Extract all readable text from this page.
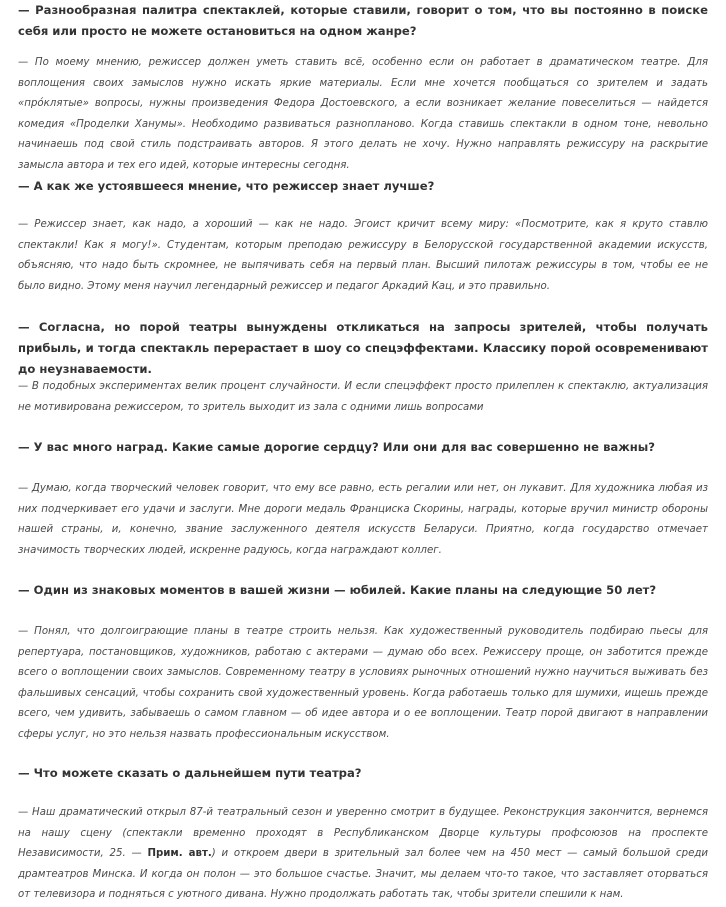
— Разнообразная палитра спектаклей, которые ставили, говорит о том, что вы постоянно в поиске себя или просто не можете остановиться на одном жанре?

— По моему мнению, режиссер должен уметь ставить всё, особенно если он работает в драматическом театре. Для воплощения своих замыслов нужно искать яркие материалы. Если мне хочется пообщаться со зрителем и задать «прóклятые» вопросы, нужны произведения Федора Достоевского, а если возникает желание повеселиться — найдется комедия «Проделки Ханумы». Необходимо развиваться разнопланово. Когда ставишь спектакли в одном тоне, невольно начинаешь под свой стиль подстраивать авторов. Я этого делать не хочу. Нужно направлять режиссуру на раскрытие замысла автора и тех его идей, которые интересны сегодня.

— А как же устоявшееся мнение, что режиссер знает лучше?

— Режиссер знает, как надо, а хороший — как не надо. Эгоист кричит всему миру: «Посмотрите, как я круто ставлю спектакли! Как я могу!». Студентам, которым преподаю режиссуру в Белорусской государственной академии искусств, объясняю, что надо быть скромнее, не выпячивать себя на первый план. Высший пилотаж режиссуры в том, чтобы ее не было видно. Этому меня научил легендарный режиссер и педагог Аркадий Кац, и это правильно.

— Согласна, но порой театры вынуждены откликаться на запросы зрителей, чтобы получать прибыль, и тогда спектакль перерастает в шоу со спецэффектами. Классику порой осовременивают до неузнаваемости.

— В подобных экспериментах велик процент случайности. И если спецэффект просто прилеплен к спектаклю, актуализация не мотивирована режиссером, то зритель выходит из зала с одними лишь вопросами

— У вас много наград. Какие самые дорогие сердцу? Или они для вас совершенно не важны?

— Думаю, когда творческий человек говорит, что ему все равно, есть регалии или нет, он лукавит. Для художника любая из них подчеркивает его удачи и заслуги. Мне дороги медаль Франциска Скорины, награды, которые вручил министр обороны нашей страны, и, конечно, звание заслуженного деятеля искусств Беларуси. Приятно, когда государство отмечает значимость творческих людей, искренне радуюсь, когда награждают коллег.

— Один из знаковых моментов в вашей жизни — юбилей. Какие планы на следующие 50 лет?

— Понял, что долгоиграющие планы в театре строить нельзя. Как художественный руководитель подбираю пьесы для репертуара, постановщиков, художников, работаю с актерами — думаю обо всех. Режиссеру проще, он заботится прежде всего о воплощении своих замыслов. Современному театру в условиях рыночных отношений нужно научиться выживать без фальшивых сенсаций, чтобы сохранить свой художественный уровень. Когда работаешь только для шумихи, ищешь прежде всего, чем удивить, забываешь о самом главном — об идее автора и о ее воплощении. Театр порой двигают в направлении сферы услуг, но это нельзя назвать профессиональным искусством.

— Что можете сказать о дальнейшем пути театра?

— Наш драматический открыл 87-й театральный сезон и уверенно смотрит в будущее. Реконструкция закончится, вернемся на нашу сцену (спектакли временно проходят в Республиканском Дворце культуры профсоюзов на проспекте Независимости, 25. — Прим. авт.) и откроем двери в зрительный зал более чем на 450 мест — самый большой среди драмтеатров Минска. И когда он полон — это большое счастье. Значит, мы делаем что-то такое, что заставляет оторваться от телевизора и подняться с уютного дивана. Нужно продолжать работать так, чтобы зрители спешили к нам.
